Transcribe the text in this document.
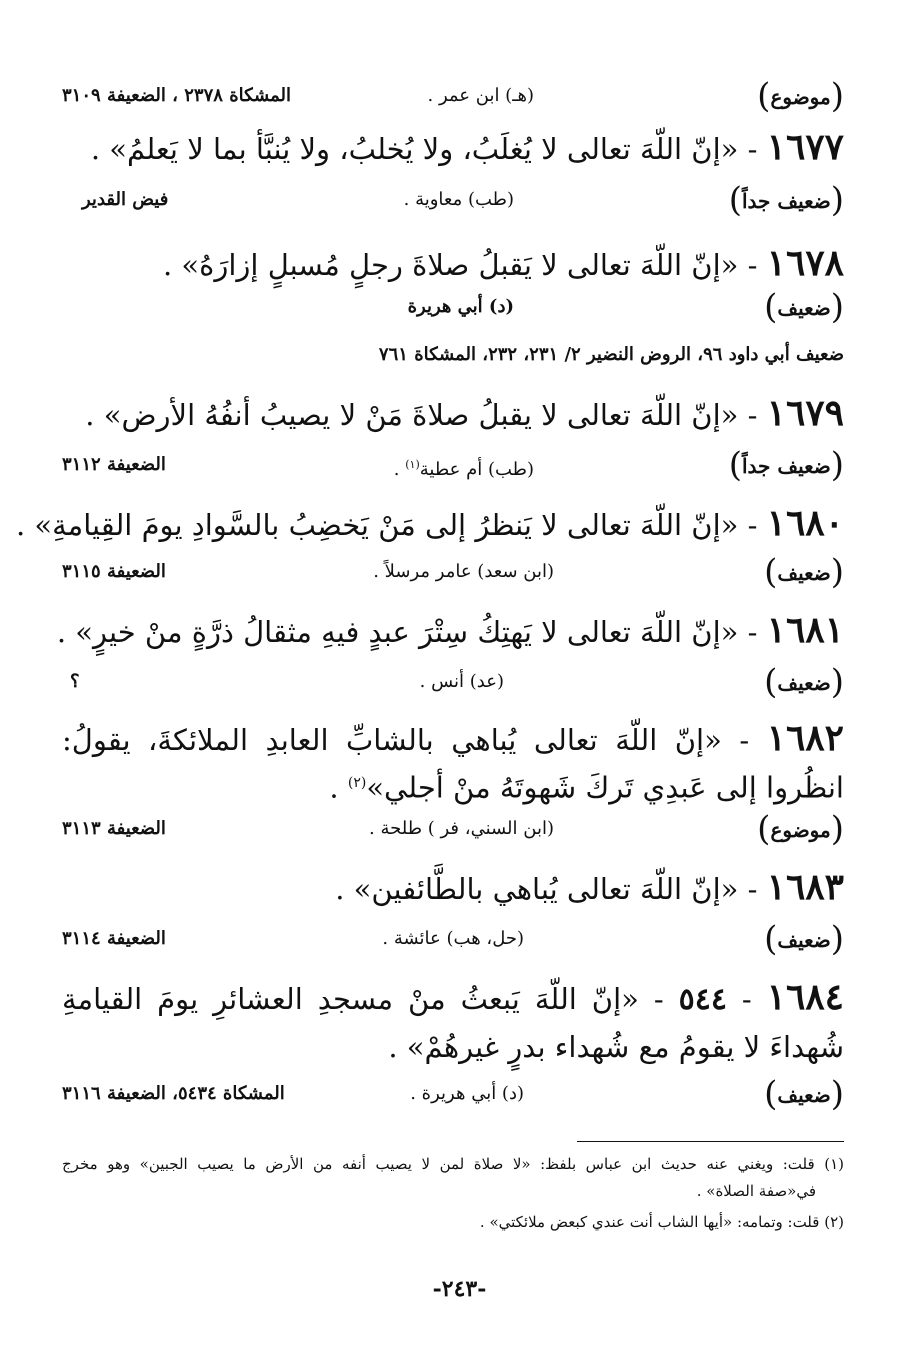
(موضوع)
(هـ) ابن عمر .
المشكاة ٢٣٧٨ ، الضعيفة ٣١٠٩
١٦٧٧ - «إنّ اللّهَ تعالى لا يُغلَبُ، ولا يُخلبُ، ولا يُنبَّأ بما لا يَعلمُ» .
(ضعيف جداً)
(طب) معاوية .
فيض القدير
١٦٧٨ - «إنّ اللّهَ تعالى لا يَقبلُ صلاةَ رجلٍ مُسبلٍ إزارَهُ» .
(ضعيف)
(د) أبي هريرة
ضعيف أبي داود ٩٦، الروض النضير ٢/ ٢٣١، ٢٣٢، المشكاة ٧٦١
١٦٧٩ - «إنّ اللّهَ تعالى لا يقبلُ صلاةَ مَنْ لا يصيبُ أنفُهُ الأرض» .
(ضعيف جداً)
(طب) أم عطية$^{(١)}$ .
الضعيفة ٣١١٢
١٦٨٠ - «إنّ اللّهَ تعالى لا يَنظرُ إلى مَنْ يَخضِبُ بالسَّوادِ يومَ القِيامةِ» .
(ضعيف)
(ابن سعد) عامر مرسلاً .
الضعيفة ٣١١٥
١٦٨١ - «إنّ اللّهَ تعالى لا يَهتِكُ سِتْرَ عبدٍ فيهِ مثقالُ ذرَّةٍ منْ خيرٍ» .
(ضعيف)
(عد) أنس .
؟
١٦٨٢ - «إنّ اللّهَ تعالى يُباهي بالشابِّ العابدِ الملائكةَ، يقولُ:
انظُروا إلى عَبدِي تَركَ شَهوتَهُ منْ أجلي»$^{(٢)}$ .
(موضوع)
(ابن السني، فر ) طلحة .
الضعيفة ٣١١٣
١٦٨٣ - «إنّ اللّهَ تعالى يُباهي بالطَّائفين» .
(ضعيف)
(حل، هب) عائشة .
الضعيفة ٣١١٤
١٦٨٤ - ٥٤٤ - «إنّ اللّهَ يَبعثُ منْ مسجدِ العشائرِ يومَ القيامةِ
شُهداءَ لا يقومُ مع شُهداء بدرٍ غيرهُمْ» .
(ضعيف)
(د) أبي هريرة .
المشكاة ٥٤٣٤، الضعيفة ٣١١٦
(١) قلت: ويغني عنه حديث ابن عباس بلفظ: «لا صلاة لمن لا يصيب أنفه من الأرض ما يصيب الجبين» وهو مخرج
في«صفة الصلاة» .
(٢) قلت: وتمامه: «أيها الشاب أنت عندي كبعض ملائكتي» .
-٢٤٣-
